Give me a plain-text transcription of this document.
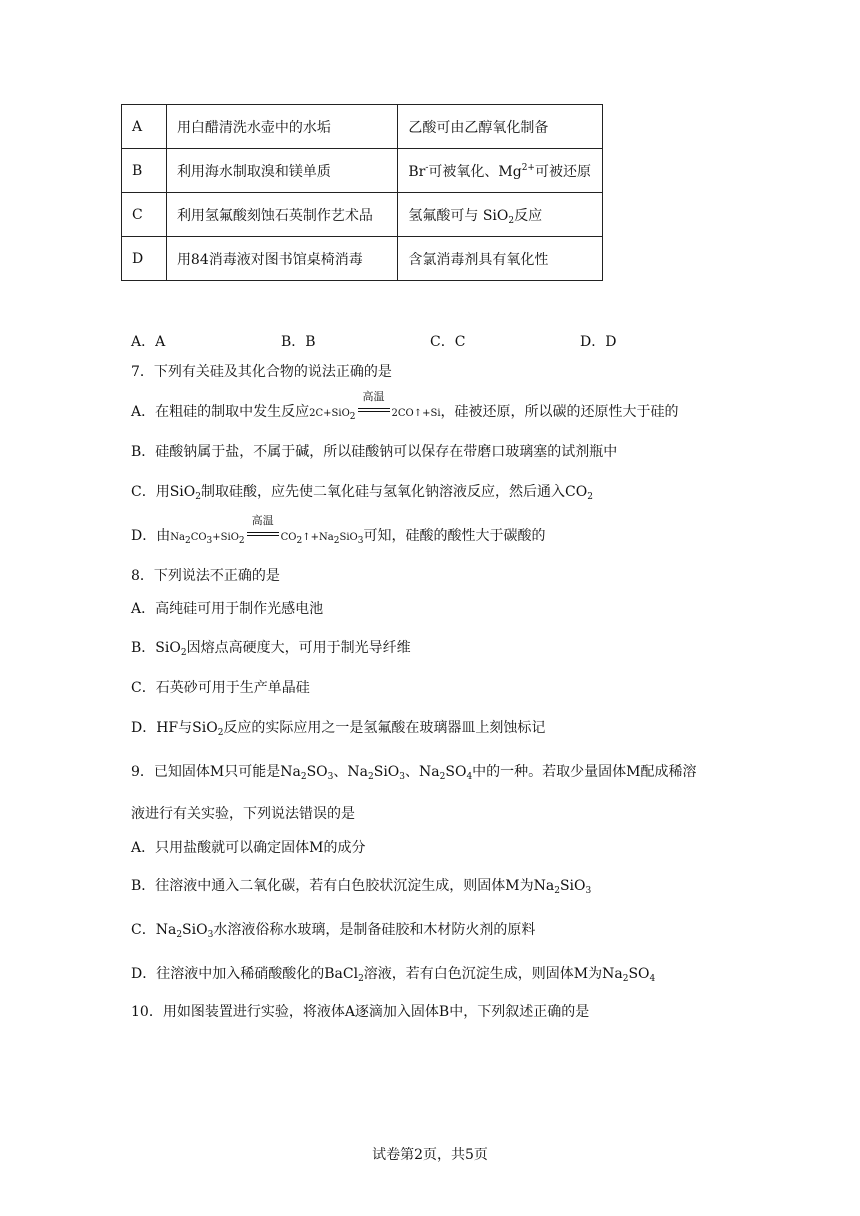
A	用白醋清洗水壶中的水垢	乙酸可由乙醇氧化制备
B	利用海水制取溴和镁单质	Br-可被氧化、$Mg^{2+}$可被还原
C	利用氢氟酸刻蚀石英制作艺术品	氢氟酸可与 SiO$_2$反应
D	用84消毒液对图书馆桌椅消毒	含氯消毒剂具有氧化性
A．A	B．B	C．C	D．D
7．下列有关硅及其化合物的说法正确的是
A．在粗硅的制取中发生反应2C+SiO$_2$
高温
2CO↑+Si，硅被还原，所以碳的还原性大于硅的
B．硅酸钠属于盐，不属于碱，所以硅酸钠可以保存在带磨口玻璃塞的试剂瓶中
C．用SiO$_2$制取硅酸，应先使二氧化硅与氢氧化钠溶液反应，然后通入$CO_2$
D．由$Na_2CO_3+SiO_2$
高温
$CO_2↑+Na_2SiO_3$可知，硅酸的酸性大于碳酸的
8．下列说法不正确的是
A．高纯硅可用于制作光感电池
B．SiO$_2$因熔点高硬度大，可用于制光导纤维
C．石英砂可用于生产单晶硅
D．HF与SiO$_2$反应的实际应用之一是氢氟酸在玻璃器皿上刻蚀标记
9．已知固体M只可能是$Na_2SO_3$、$Na_2SiO_3$、$Na_2SO_4$中的一种。若取少量固体M配成稀溶
液进行有关实验，下列说法错误的是
A．只用盐酸就可以确定固体M的成分
B．往溶液中通入二氧化碳，若有白色胶状沉淀生成，则固体M为$Na_2SiO_3$
C．$Na_2SiO_3$水溶液俗称水玻璃，是制备硅胶和木材防火剂的原料
D．往溶液中加入稀硝酸酸化的BaCl$_2$溶液，若有白色沉淀生成，则固体M为$Na_2SO_4$
10．用如图装置进行实验，将液体A逐滴加入固体B中，下列叙述正确的是
试卷第2页，共5页
